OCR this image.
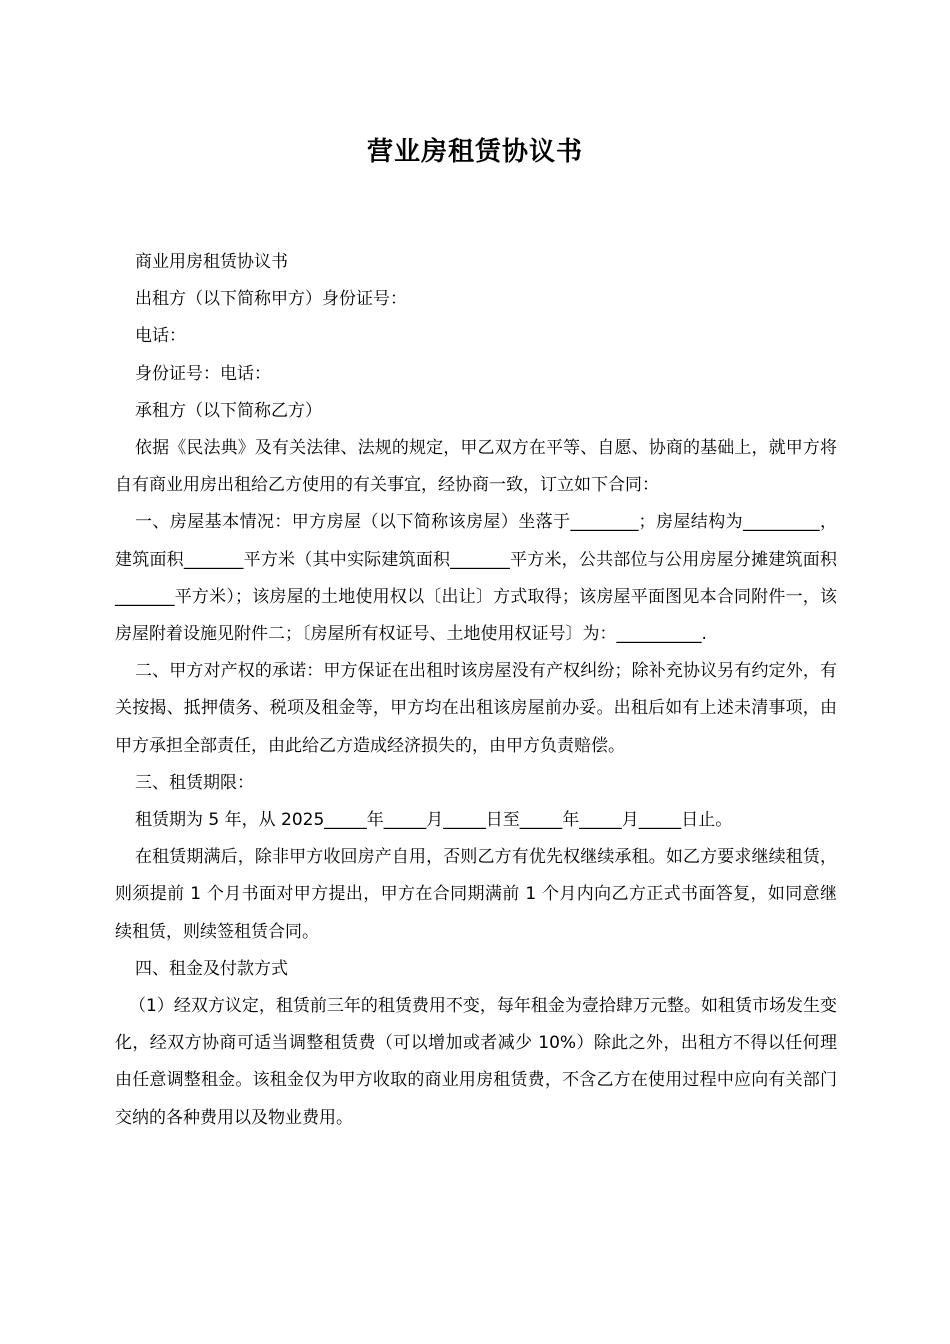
营业房租赁协议书

商业用房租赁协议书

出租方（以下简称甲方）身份证号：

电话：

身份证号：电话：

承租方（以下简称乙方）

依据《民法典》及有关法律、法规的规定，甲乙双方在平等、自愿、协商的基础上，就甲方将自有商业用房出租给乙方使用的有关事宜，经协商一致，订立如下合同：

一、房屋基本情况：甲方房屋（以下简称该房屋）坐落于________；房屋结构为_________，建筑面积_______平方米（其中实际建筑面积_______平方米，公共部位与公用房屋分摊建筑面积_______平方米）；该房屋的土地使用权以〔出让〕方式取得；该房屋平面图见本合同附件一，该房屋附着设施见附件二；〔房屋所有权证号、土地使用权证号〕为：__________.

二、甲方对产权的承诺：甲方保证在出租时该房屋没有产权纠纷；除补充协议另有约定外，有关按揭、抵押债务、税项及租金等，甲方均在出租该房屋前办妥。出租后如有上述未清事项，由甲方承担全部责任，由此给乙方造成经济损失的，由甲方负责赔偿。

三、租赁期限：

租赁期为 5 年，从 2025_____年_____月_____日至_____年_____月_____日止。

在租赁期满后，除非甲方收回房产自用，否则乙方有优先权继续承租。如乙方要求继续租赁，则须提前 1 个月书面对甲方提出，甲方在合同期满前 1 个月内向乙方正式书面答复，如同意继续租赁，则续签租赁合同。

四、租金及付款方式

（1）经双方议定，租赁前三年的租赁费用不变，每年租金为壹拾肆万元整。如租赁市场发生变化，经双方协商可适当调整租赁费（可以增加或者减少 10%）除此之外，出租方不得以任何理由任意调整租金。该租金仅为甲方收取的商业用房租赁费，不含乙方在使用过程中应向有关部门交纳的各种费用以及物业费用。
